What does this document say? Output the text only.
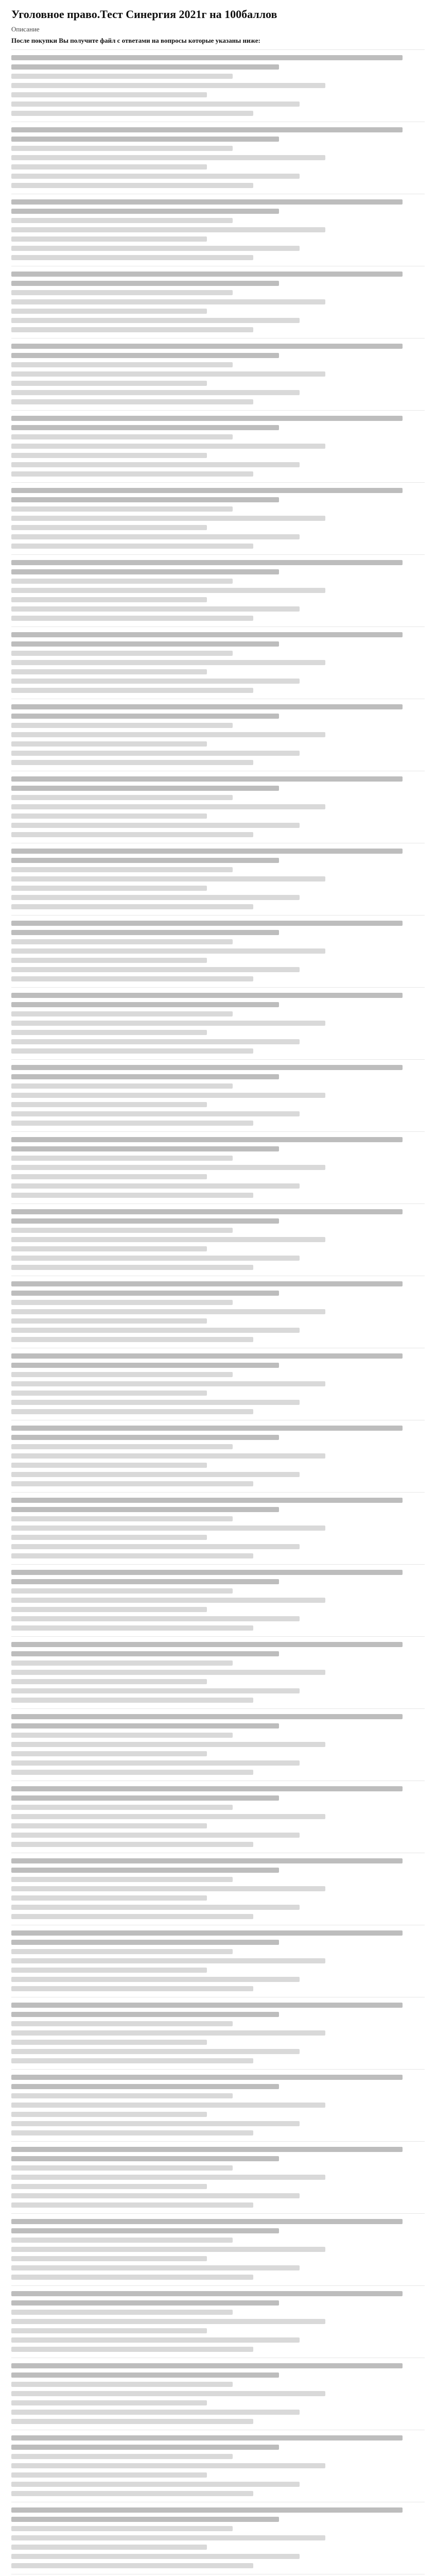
Уголовное право.Тест Синергия 2021г на 100баллов
Описание
После покупки Вы получите файл с ответами на вопросы которые указаны ниже:
